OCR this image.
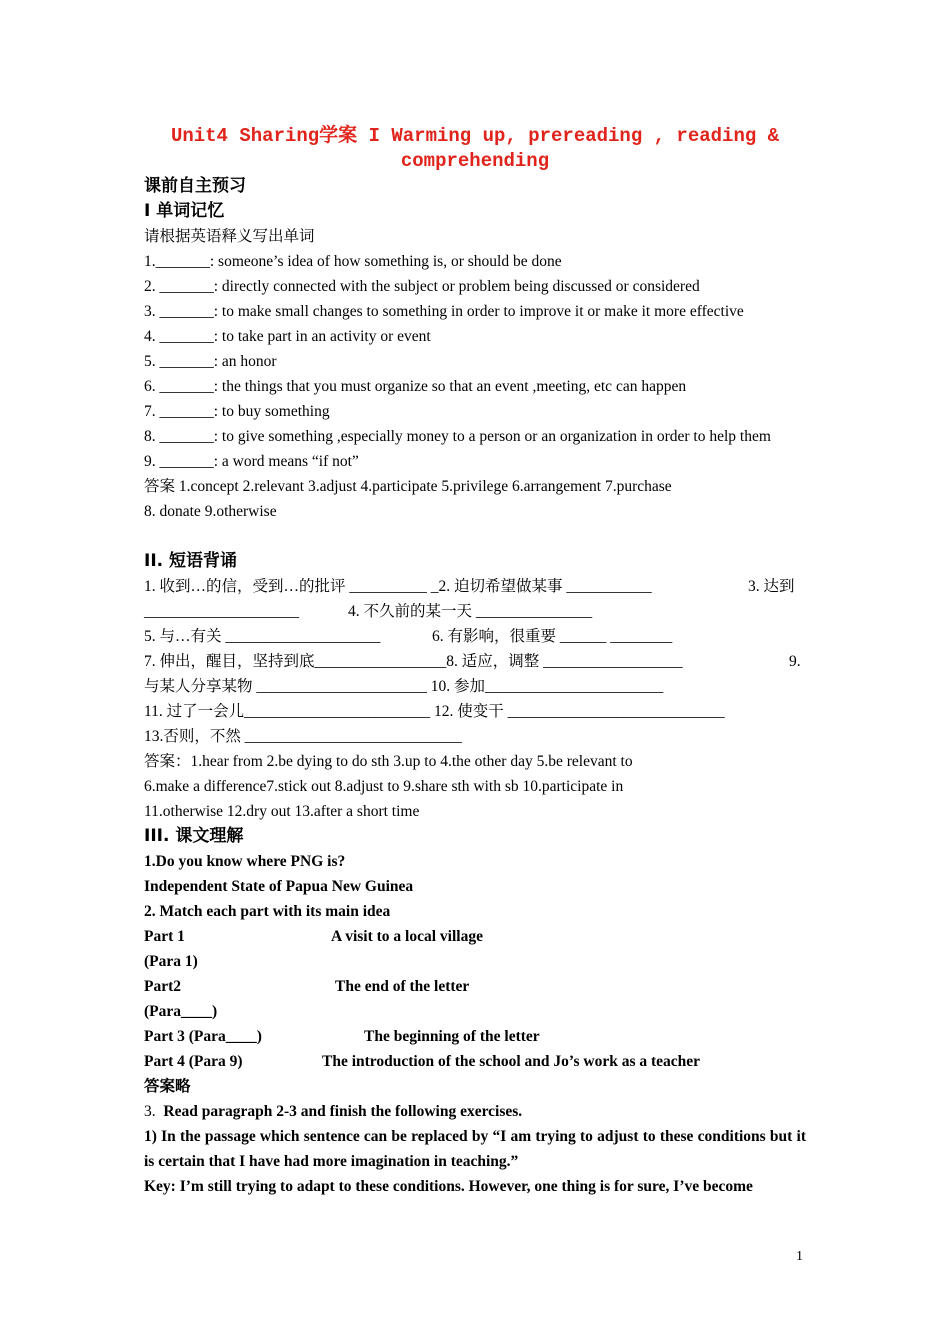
Unit4 Sharing学案 I Warming up, prereading , reading &

comprehending

课前自主预习

I 单词记忆

请根据英语释义写出单词

1._______: someone’s idea of how something is, or should be done

2. _______: directly connected with the subject or problem being discussed or considered

3. _______: to make small changes to something in order to improve it or make it more effective

4. _______: to take part in an activity or event

5. _______: an honor

6. _______: the things that you must organize so that an event ,meeting, etc can happen

7. _______: to buy something

8. _______: to give something ,especially money to a person or an organization in order to help them

9. _______: a word means “if not”

答案 1.concept 2.relevant 3.adjust 4.participate 5.privilege 6.arrangement 7.purchase

8. donate 9.otherwise

II. 短语背诵

1. 收到…的信，受到…的批评 __________ _2. 迫切希望做某事 ___________	3. 达到
____________________	4. 不久前的某一天 _______________
5. 与…有关 ____________________	6. 有影响，很重要 ______ ________
7. 伸出，醒目，坚持到底_________________8. 适应，调整 __________________	9.
与某人分享某物 ______________________ 10. 参加_______________________
11. 过了一会儿________________________ 12. 使变干 ____________________________
13.否则，不然 ____________________________

答案：1.hear from 2.be dying to do sth 3.up to 4.the other day 5.be relevant to

6.make a difference7.stick out 8.adjust to 9.share sth with sb 10.participate in

11.otherwise 12.dry out 13.after a short time

III. 课文理解

1.Do you know where PNG is?

Independent State of Papua New Guinea

2. Match each part with its main idea

Part 1	A visit to a local village
(Para 1)
Part2	The end of the letter
(Para____)
Part 3 (Para____)	The beginning of the letter
Part 4 (Para 9)	The introduction of the school and Jo’s work as a teacher

答案略

3. Read paragraph 2-3 and finish the following exercises.

1) In the passage which sentence can be replaced by “I am trying to adjust to these conditions but it is certain that I have had more imagination in teaching.”

Key: I’m still trying to adapt to these conditions. However, one thing is for sure, I’ve become

1
